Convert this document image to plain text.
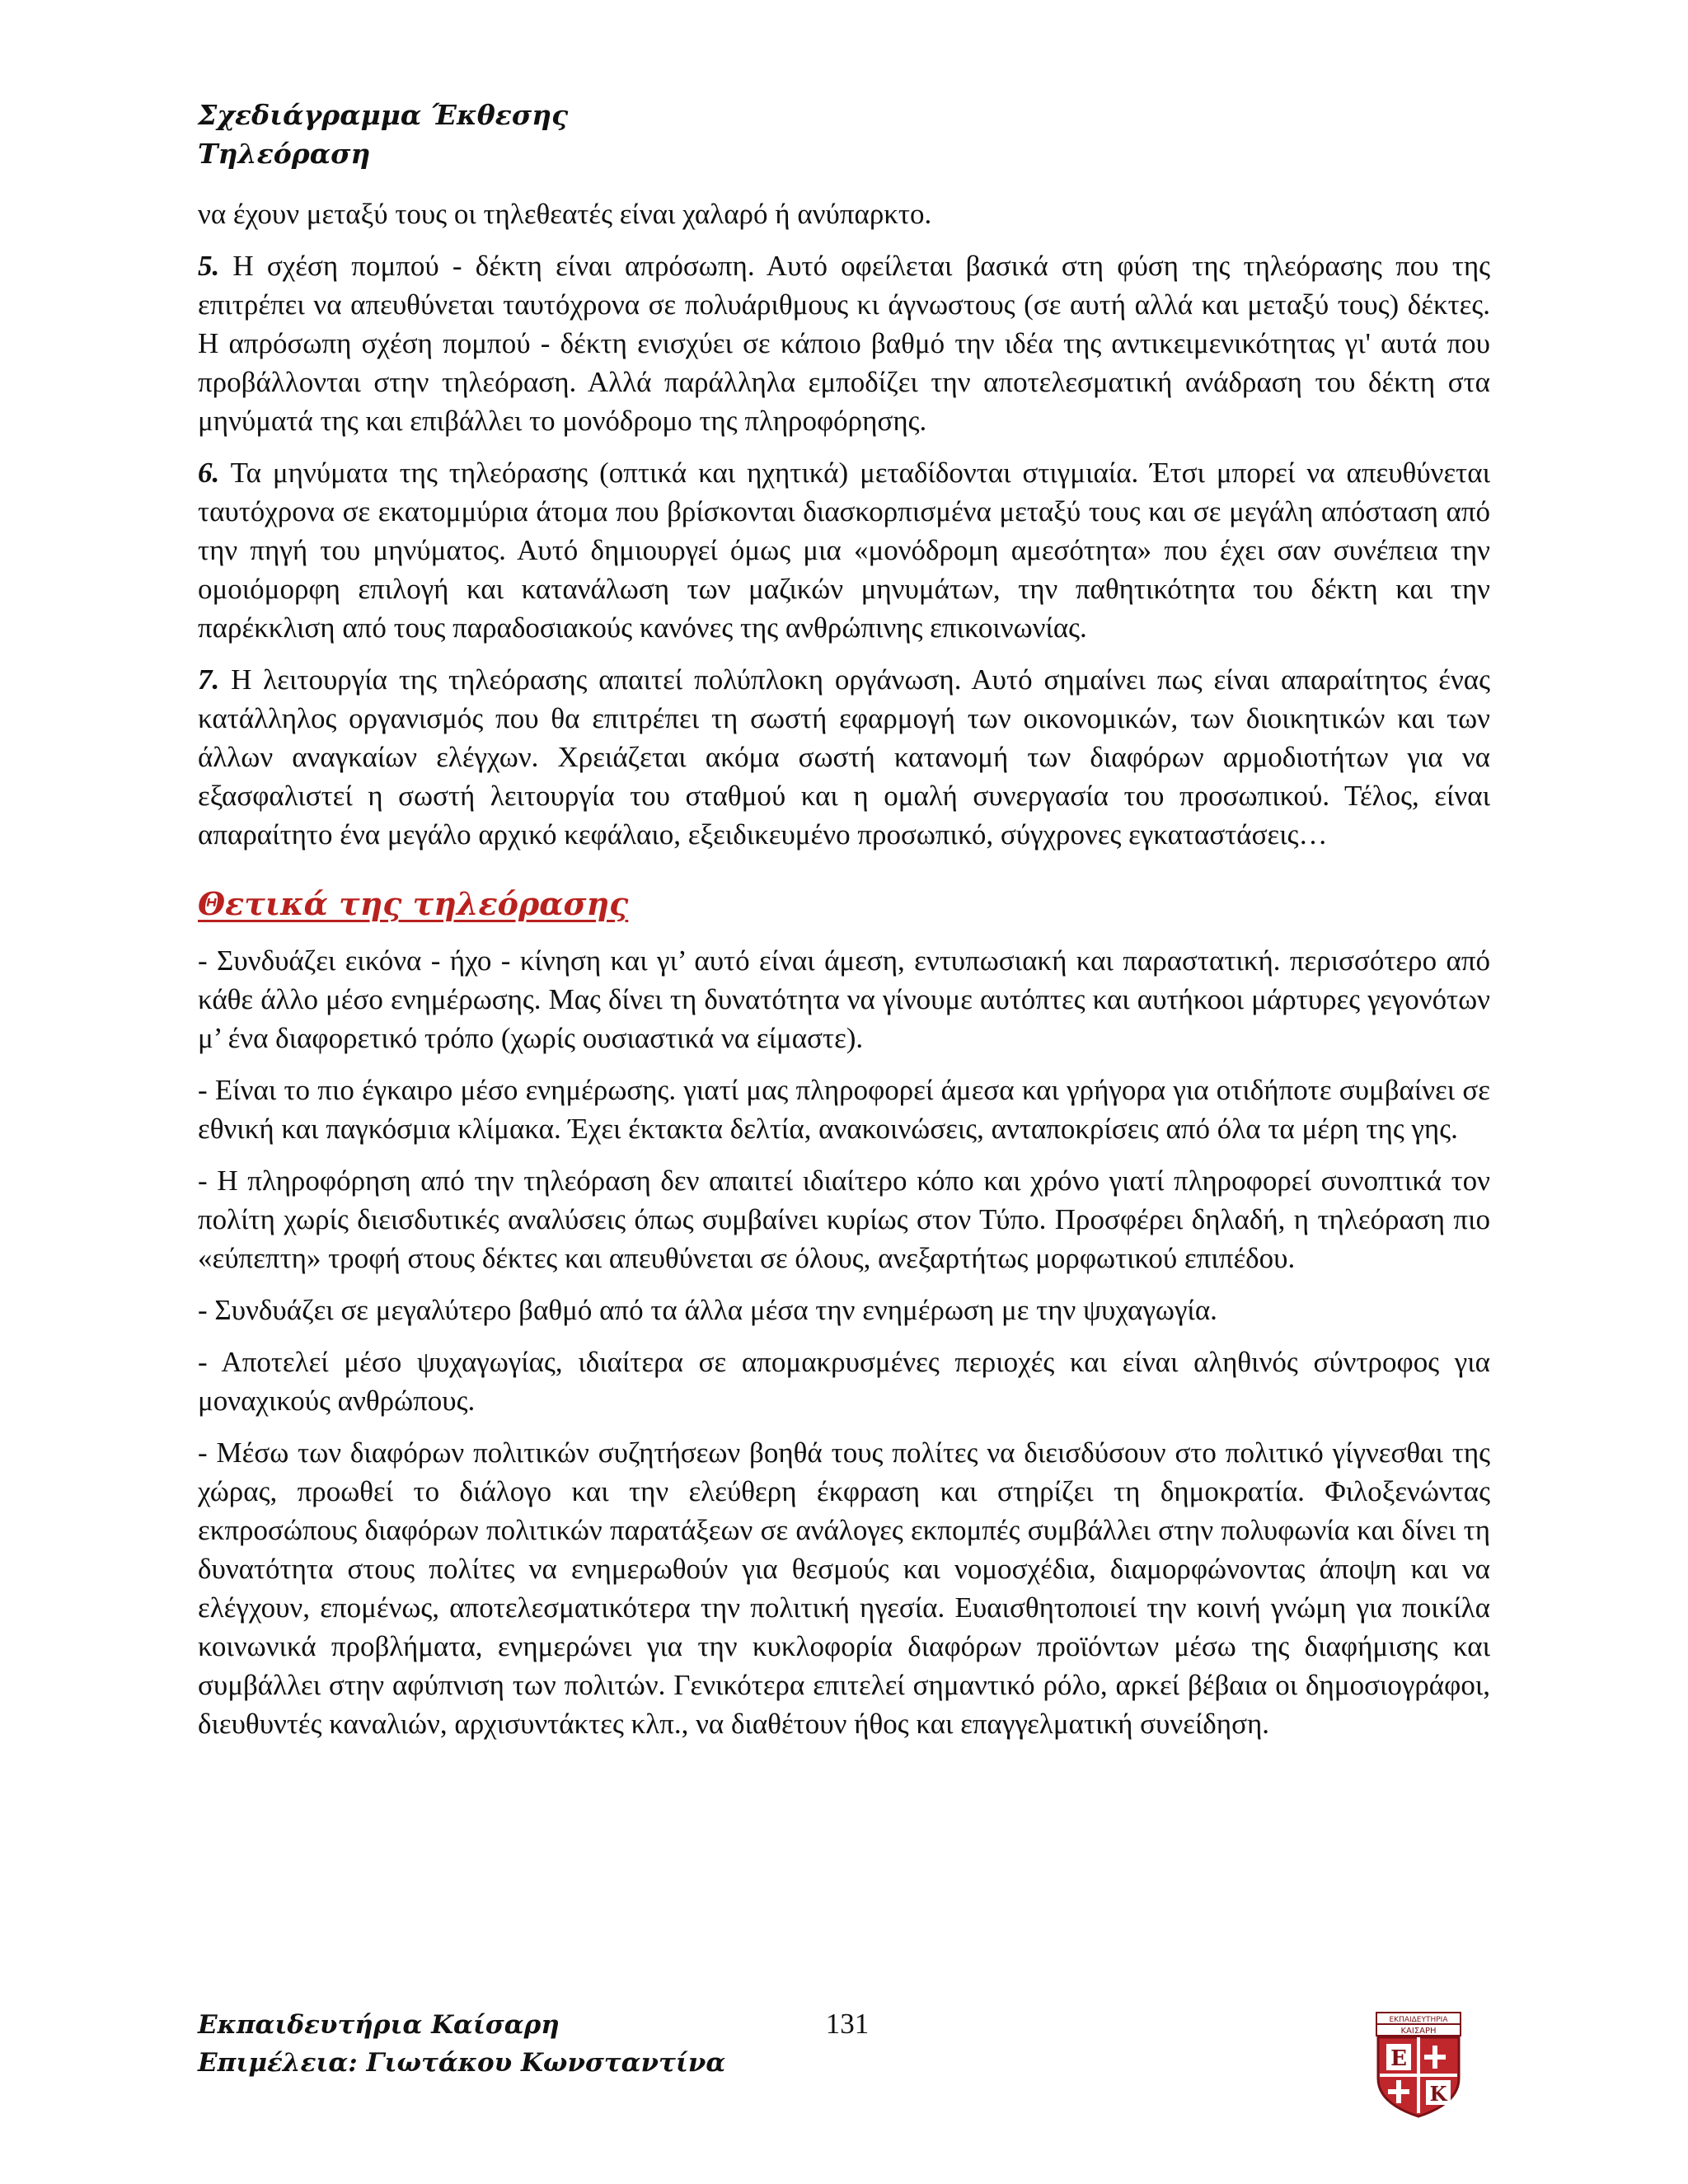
Σχεδιάγραμμα Έκθεσης
Τηλεόραση

να έχουν μεταξύ τους οι τηλεθεατές είναι χαλαρό ή ανύπαρκτο.

5. Η σχέση πομπού - δέκτη είναι απρόσωπη. Αυτό οφείλεται βασικά στη φύση της τηλεόρασης που της επιτρέπει να απευθύνεται ταυτόχρονα σε πολυάριθμους κι άγνωστους (σε αυτή αλλά και μεταξύ τους) δέκτες. Η απρόσωπη σχέση πομπού - δέκτη ενισχύει σε κάποιο βαθμό την ιδέα της αντικειμενικότητας γι' αυτά που προβάλλονται στην τηλεόραση. Αλλά παράλληλα εμποδίζει την αποτελεσματική ανάδραση του δέκτη στα μηνύματά της και επιβάλλει το μονόδρομο της πληροφόρησης.

6. Τα μηνύματα της τηλεόρασης (οπτικά και ηχητικά) μεταδίδονται στιγμιαία. Έτσι μπορεί να απευθύνεται ταυτόχρονα σε εκατομμύρια άτομα που βρίσκονται διασκορπισμένα μεταξύ τους και σε μεγάλη απόσταση από την πηγή του μηνύματος. Αυτό δημιουργεί όμως μια «μονόδρομη αμεσότητα» που έχει σαν συνέπεια την ομοιόμορφη επιλογή και κατανάλωση των μαζικών μηνυμάτων, την παθητικότητα του δέκτη και την παρέκκλιση από τους παραδοσιακούς κανόνες της ανθρώπινης επικοινωνίας.

7. Η λειτουργία της τηλεόρασης απαιτεί πολύπλοκη οργάνωση. Αυτό σημαίνει πως είναι απαραίτητος ένας κατάλληλος οργανισμός που θα επιτρέπει τη σωστή εφαρμογή των οικονομικών, των διοικητικών και των άλλων αναγκαίων ελέγχων. Χρειάζεται ακόμα σωστή κατανομή των διαφόρων αρμοδιοτήτων για να εξασφαλιστεί η σωστή λειτουργία του σταθμού και η ομαλή συνεργασία του προσωπικού. Τέλος, είναι απαραίτητο ένα μεγάλο αρχικό κεφάλαιο, εξειδικευμένο προσωπικό, σύγχρονες εγκαταστάσεις…

Θετικά της τηλεόρασης

- Συνδυάζει εικόνα - ήχο - κίνηση και γι’ αυτό είναι άμεση, εντυπωσιακή και παραστατική. περισσότερο από κάθε άλλο μέσο ενημέρωσης. Μας δίνει τη δυνατότητα να γίνουμε αυτόπτες και αυτήκοοι μάρτυρες γεγονότων μ’ ένα διαφορετικό τρόπο (χωρίς ουσιαστικά να είμαστε).

- Είναι το πιο έγκαιρο μέσο ενημέρωσης. γιατί μας πληροφορεί άμεσα και γρήγορα για οτιδήποτε συμβαίνει σε εθνική και παγκόσμια κλίμακα. Έχει έκτακτα δελτία, ανακοινώσεις, ανταποκρίσεις από όλα τα μέρη της γης.

- Η πληροφόρηση από την τηλεόραση δεν απαιτεί ιδιαίτερο κόπο και χρόνο γιατί πληροφορεί συνοπτικά τον πολίτη χωρίς διεισδυτικές αναλύσεις όπως συμβαίνει κυρίως στον Τύπο. Προσφέρει δηλαδή, η τηλεόραση πιο «εύπεπτη» τροφή στους δέκτες και απευθύνεται σε όλους, ανεξαρτήτως μορφωτικού επιπέδου.

- Συνδυάζει σε μεγαλύτερο βαθμό από τα άλλα μέσα την ενημέρωση με την ψυχαγωγία.

- Αποτελεί μέσο ψυχαγωγίας, ιδιαίτερα σε απομακρυσμένες περιοχές και είναι αληθινός σύντροφος για μοναχικούς ανθρώπους.

- Μέσω των διαφόρων πολιτικών συζητήσεων βοηθά τους πολίτες να διεισδύσουν στο πολιτικό γίγνεσθαι της χώρας, προωθεί το διάλογο και την ελεύθερη έκφραση και στηρίζει τη δημοκρατία. Φιλοξενώντας εκπροσώπους διαφόρων πολιτικών παρατάξεων σε ανάλογες εκπομπές συμβάλλει στην πολυφωνία και δίνει τη δυνατότητα στους πολίτες να ενημερωθούν για θεσμούς και νομοσχέδια, διαμορφώνοντας άποψη και να ελέγχουν, επομένως, αποτελεσματικότερα την πολιτική ηγεσία. Ευαισθητοποιεί την κοινή γνώμη για ποικίλα κοινωνικά προβλήματα, ενημερώνει για την κυκλοφορία διαφόρων προϊόντων μέσω της διαφήμισης και συμβάλλει στην αφύπνιση των πολιτών. Γενικότερα επιτελεί σημαντικό ρόλο, αρκεί βέβαια οι δημοσιογράφοι, διευθυντές καναλιών, αρχισυντάκτες κλπ., να διαθέτουν ήθος και επαγγελματική συνείδηση.

Εκπαιδευτήρια Καίσαρη
Επιμέλεια: Γιωτάκου Κωνσταντίνα
131	ΕΚΠΑΙΔΕΥΤΗΡΙΑ
ΚΑΙΣΑΡΗ
Ε
Κ
